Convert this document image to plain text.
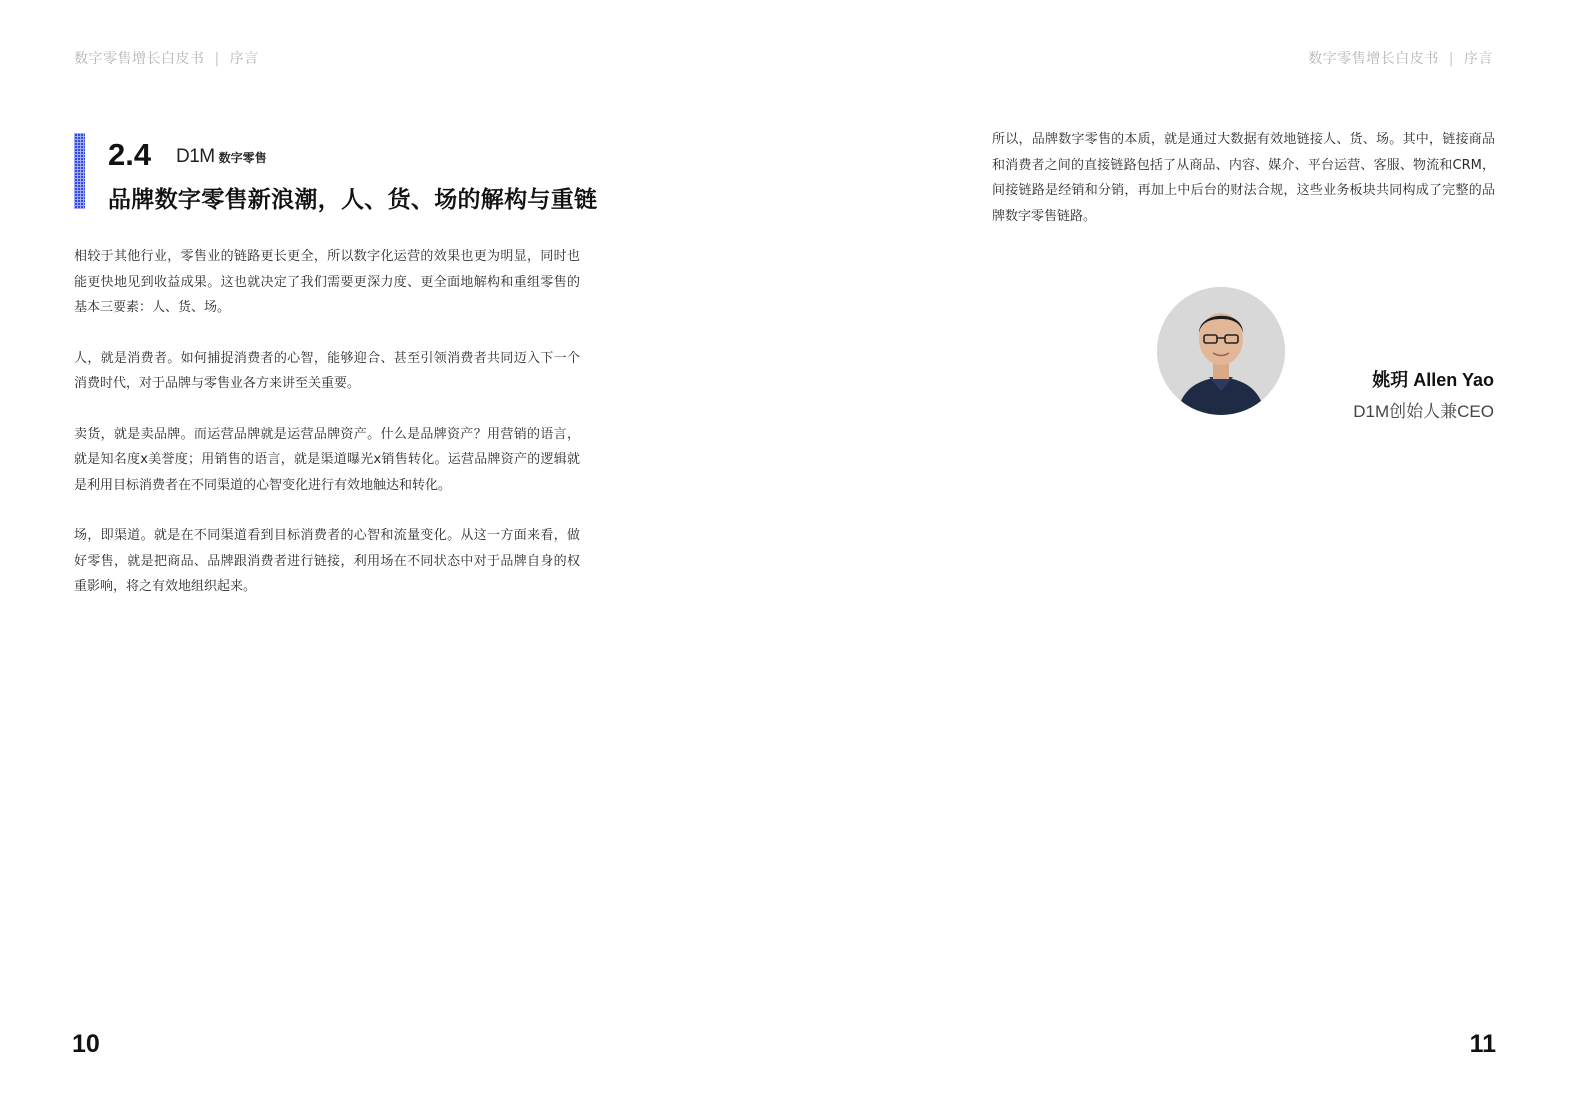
数字零售增长白皮书 | 序言	数字零售增长白皮书 | 序言
2.4 D1M 数字零售
品牌数字零售新浪潮，人、货、场的解构与重链

相较于其他行业，零售业的链路更长更全，所以数字化运营的效果也更为明显，同时也能更快地见到收益成果。这也就决定了我们需要更深力度、更全面地解构和重组零售的基本三要素：人、货、场。

人，就是消费者。如何捕捉消费者的心智，能够迎合、甚至引领消费者共同迈入下一个消费时代，对于品牌与零售业各方来讲至关重要。

卖货，就是卖品牌。而运营品牌就是运营品牌资产。什么是品牌资产？用营销的语言，就是知名度x美誉度；用销售的语言，就是渠道曝光x销售转化。运营品牌资产的逻辑就是利用目标消费者在不同渠道的心智变化进行有效地触达和转化。

场，即渠道。就是在不同渠道看到目标消费者的心智和流量变化。从这一方面来看，做好零售，就是把商品、品牌跟消费者进行链接，利用场在不同状态中对于品牌自身的权重影响，将之有效地组织起来。

所以，品牌数字零售的本质，就是通过大数据有效地链接人、货、场。其中，链接商品和消费者之间的直接链路包括了从商品、内容、媒介、平台运营、客服、物流和CRM，间接链路是经销和分销，再加上中后台的财法合规，这些业务板块共同构成了完整的品牌数字零售链路。

姚玥 Allen Yao
D1M创始人兼CEO
10	11
